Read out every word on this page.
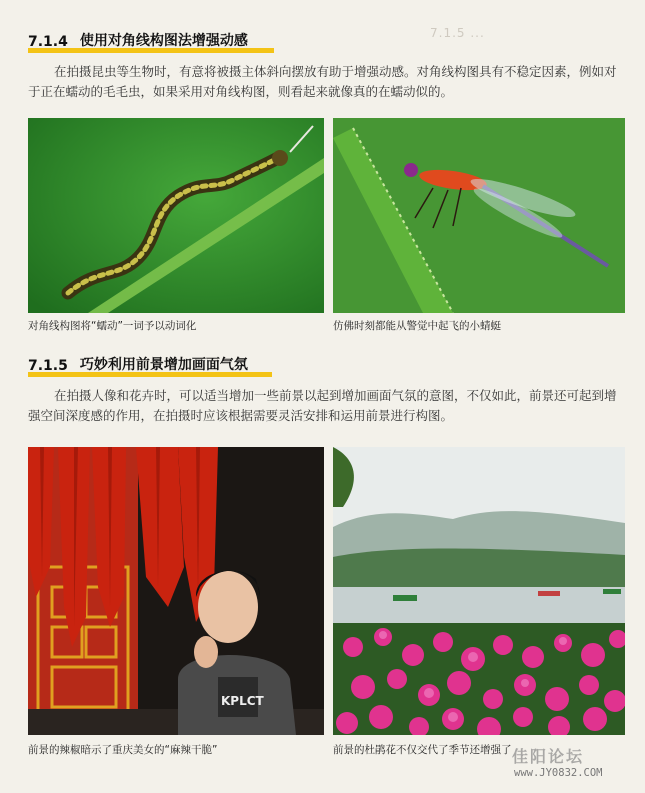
7.1.5 ...
7.1.4 使用对角线构图法增强动感
在拍摄昆虫等生物时，有意将被摄主体斜向摆放有助于增强动感。对角线构图具有不稳定因素，例如对于正在蠕动的毛毛虫，如果采用对角线构图，则看起来就像真的在蠕动似的。
对角线构图将“蠕动”一词予以动词化	仿佛时刻都能从警觉中起飞的小蜻蜓
7.1.5 巧妙利用前景增加画面气氛
在拍摄人像和花卉时，可以适当增加一些前景以起到增加画面气氛的意图，不仅如此，前景还可起到增强空间深度感的作用，在拍摄时应该根据需要灵活安排和运用前景进行构图。
KPLCT
前景的辣椒暗示了重庆美女的“麻辣干脆”	前景的杜鹃花不仅交代了季节还增强了 佳阳论坛
www.JY0832.COM
